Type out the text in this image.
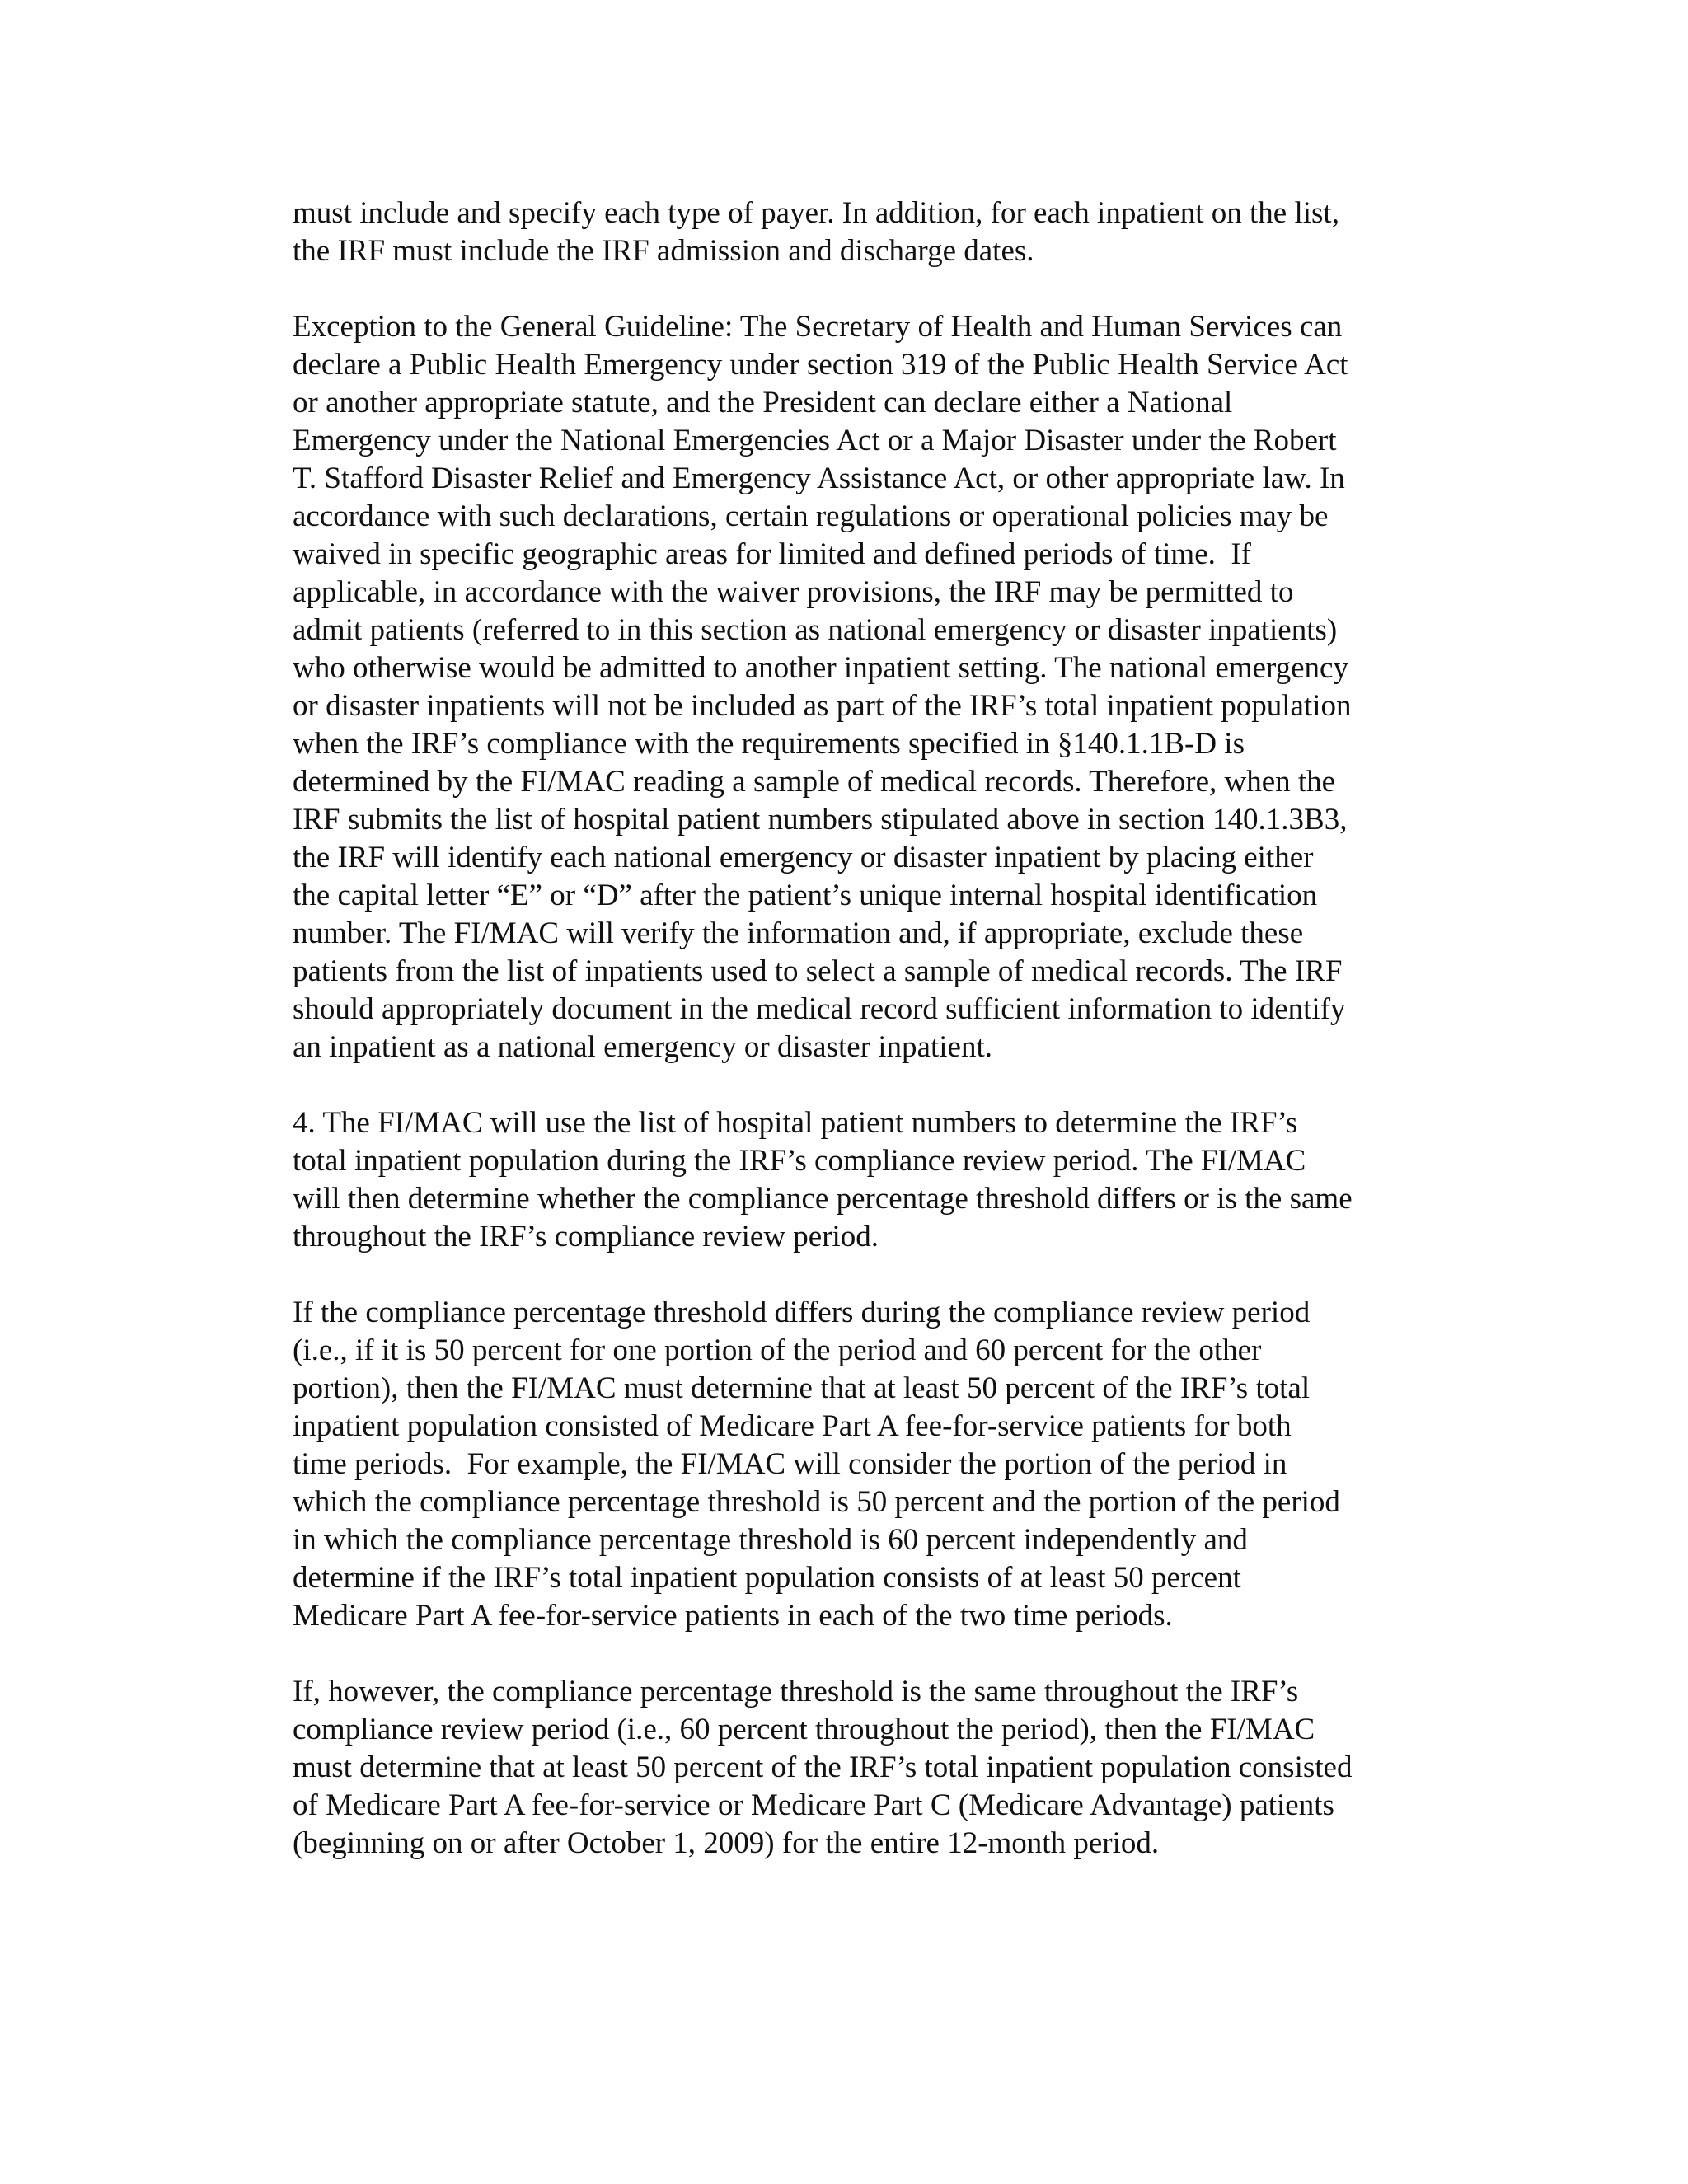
must include and specify each type of payer. In addition, for each inpatient on the list,
the IRF must include the IRF admission and discharge dates.

Exception to the General Guideline: The Secretary of Health and Human Services can
declare a Public Health Emergency under section 319 of the Public Health Service Act
or another appropriate statute, and the President can declare either a National
Emergency under the National Emergencies Act or a Major Disaster under the Robert
T. Stafford Disaster Relief and Emergency Assistance Act, or other appropriate law. In
accordance with such declarations, certain regulations or operational policies may be
waived in specific geographic areas for limited and defined periods of time.  If
applicable, in accordance with the waiver provisions, the IRF may be permitted to
admit patients (referred to in this section as national emergency or disaster inpatients)
who otherwise would be admitted to another inpatient setting. The national emergency
or disaster inpatients will not be included as part of the IRF’s total inpatient population
when the IRF’s compliance with the requirements specified in §140.1.1B-D is
determined by the FI/MAC reading a sample of medical records. Therefore, when the
IRF submits the list of hospital patient numbers stipulated above in section 140.1.3B3,
the IRF will identify each national emergency or disaster inpatient by placing either
the capital letter “E” or “D” after the patient’s unique internal hospital identification
number. The FI/MAC will verify the information and, if appropriate, exclude these
patients from the list of inpatients used to select a sample of medical records. The IRF
should appropriately document in the medical record sufficient information to identify
an inpatient as a national emergency or disaster inpatient.

4. The FI/MAC will use the list of hospital patient numbers to determine the IRF’s
total inpatient population during the IRF’s compliance review period. The FI/MAC
will then determine whether the compliance percentage threshold differs or is the same
throughout the IRF’s compliance review period.

If the compliance percentage threshold differs during the compliance review period
(i.e., if it is 50 percent for one portion of the period and 60 percent for the other
portion), then the FI/MAC must determine that at least 50 percent of the IRF’s total
inpatient population consisted of Medicare Part A fee-for-service patients for both
time periods.  For example, the FI/MAC will consider the portion of the period in
which the compliance percentage threshold is 50 percent and the portion of the period
in which the compliance percentage threshold is 60 percent independently and
determine if the IRF’s total inpatient population consists of at least 50 percent
Medicare Part A fee-for-service patients in each of the two time periods.

If, however, the compliance percentage threshold is the same throughout the IRF’s
compliance review period (i.e., 60 percent throughout the period), then the FI/MAC
must determine that at least 50 percent of the IRF’s total inpatient population consisted
of Medicare Part A fee-for-service or Medicare Part C (Medicare Advantage) patients
(beginning on or after October 1, 2009) for the entire 12-month period.
